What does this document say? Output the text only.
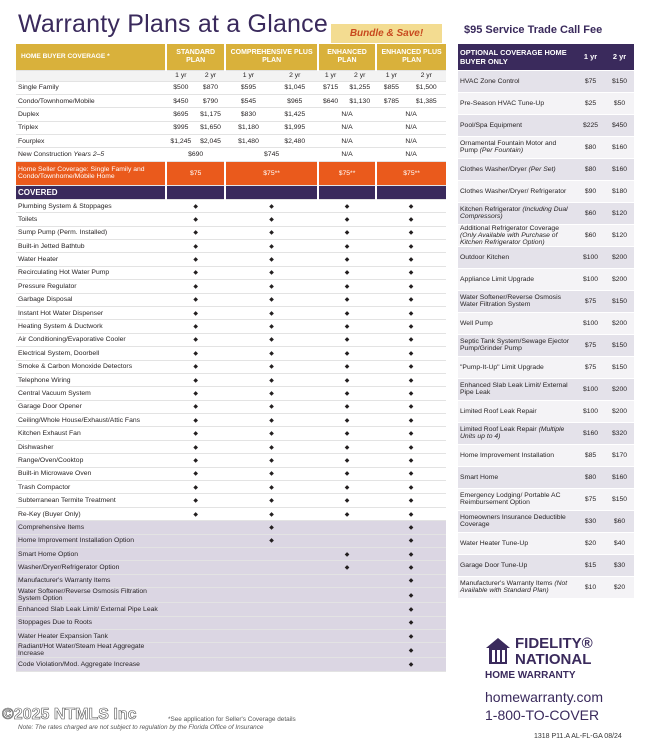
Warranty Plans at a Glance	Bundle & Save!	$95 Service Trade Call Fee
HOME BUYER COVERAGE *	STANDARD PLAN		COMPREHENSIVE PLUS PLAN		ENHANCED PLAN		ENHANCED PLUS PLAN	
	1 yr	2 yr	1 yr	2 yr	1 yr	2 yr	1 yr	2 yr
Single Family	$500	$870	$595	$1,045	$715	$1,255	$855	$1,500
Condo/Townhome/Mobile	$450	$790	$545	$965	$640	$1,130	$785	$1,385
Duplex	$695	$1,175	$830	$1,425	N/A		N/A	
Triplex	$995	$1,650	$1,180	$1,995	N/A		N/A	
Fourplex	$1,245	$2,045	$1,480	$2,480	N/A		N/A	
New Construction Years 2–5	$690		$745		N/A		N/A	
Home Seller Coverage: Single Family and Condo/Townhome/Mobile Home	$75		$75**		$75**		$75**	
COVERED								
Plumbing System & Stoppages	◆		◆		◆		◆	
Toilets	◆		◆		◆		◆	
Sump Pump (Perm. Installed)	◆		◆		◆		◆	
Built-in Jetted Bathtub	◆		◆		◆		◆	
Water Heater	◆		◆		◆		◆	
Recirculating Hot Water Pump	◆		◆		◆		◆	
Pressure Regulator	◆		◆		◆		◆	
Garbage Disposal	◆		◆		◆		◆	
Instant Hot Water Dispenser	◆		◆		◆		◆	
Heating System & Ductwork	◆		◆		◆		◆	
Air Conditioning/Evaporative Cooler	◆		◆		◆		◆	
Electrical System, Doorbell	◆		◆		◆		◆	
Smoke & Carbon Monoxide Detectors	◆		◆		◆		◆	
Telephone Wiring	◆		◆		◆		◆	
Central Vacuum System	◆		◆		◆		◆	
Garage Door Opener	◆		◆		◆		◆	
Ceiling/Whole House/Exhaust/Attic Fans	◆		◆		◆		◆	
Kitchen Exhaust Fan	◆		◆		◆		◆	
Dishwasher	◆		◆		◆		◆	
Range/Oven/Cooktop	◆		◆		◆		◆	
Built-in Microwave Oven	◆		◆		◆		◆	
Trash Compactor	◆		◆		◆		◆	
Subterranean Termite Treatment	◆		◆		◆		◆	
Re-Key (Buyer Only)	◆		◆		◆		◆	
Comprehensive Items			◆				◆	
Home Improvement Installation Option			◆				◆	
Smart Home Option					◆		◆	
Washer/Dryer/Refrigerator Option					◆		◆	
Manufacturer's Warranty Items							◆	
Water Softener/Reverse Osmosis Filtration System Option							◆	
Enhanced Slab Leak Limit/ External Pipe Leak							◆	
Stoppages Due to Roots							◆	
Water Heater Expansion Tank							◆	
Radiant/Hot Water/Steam Heat Aggregate Increase							◆	
Code Violation/Mod. Aggregate Increase							◆	
OPTIONAL COVERAGE HOME BUYER ONLY	1 yr	2 yr
HVAC Zone Control	$75	$150
Pre-Season HVAC Tune-Up	$25	$50
Pool/Spa Equipment	$225	$450
Ornamental Fountain Motor and Pump (Per Fountain)	$80	$160
Clothes Washer/Dryer (Per Set)	$80	$160
Clothes Washer/Dryer/ Refrigerator	$90	$180
Kitchen Refrigerator (Including Dual Compressors)	$60	$120
Additional Refrigerator Coverage (Only Available with Purchase of Kitchen Refrigerator Option)	$60	$120
Outdoor Kitchen	$100	$200
Appliance Limit Upgrade	$100	$200
Water Softener/Reverse Osmosis Water Filtration System	$75	$150
Well Pump	$100	$200
Septic Tank System/Sewage Ejector Pump/Grinder Pump	$75	$150
"Pump-It-Up" Limit Upgrade	$75	$150
Enhanced Slab Leak Limit/ External Pipe Leak	$100	$200
Limited Roof Leak Repair	$100	$200
Limited Roof Leak Repair (Multiple Units up to 4)	$160	$320
Home Improvement Installation	$85	$170
Smart Home	$80	$160
Emergency Lodging/ Portable AC Reimbursement Option	$75	$150
Homeowners Insurance Deductible Coverage	$30	$60
Water Heater Tune-Up	$20	$40
Garage Door Tune-Up	$15	$30
Manufacturer's Warranty Items (Not Available with Standard Plan)	$10	$20
FIDELITY®
NATIONAL
HOME WARRANTY
homewarranty.com
1-800-TO-COVER
*See application for Seller's Coverage details
Note: The rates charged are not subject to regulation by the Florida Office of Insurance
1318 P11.A AL-FL-GA 08/24
©2025 NTMLS Inc
